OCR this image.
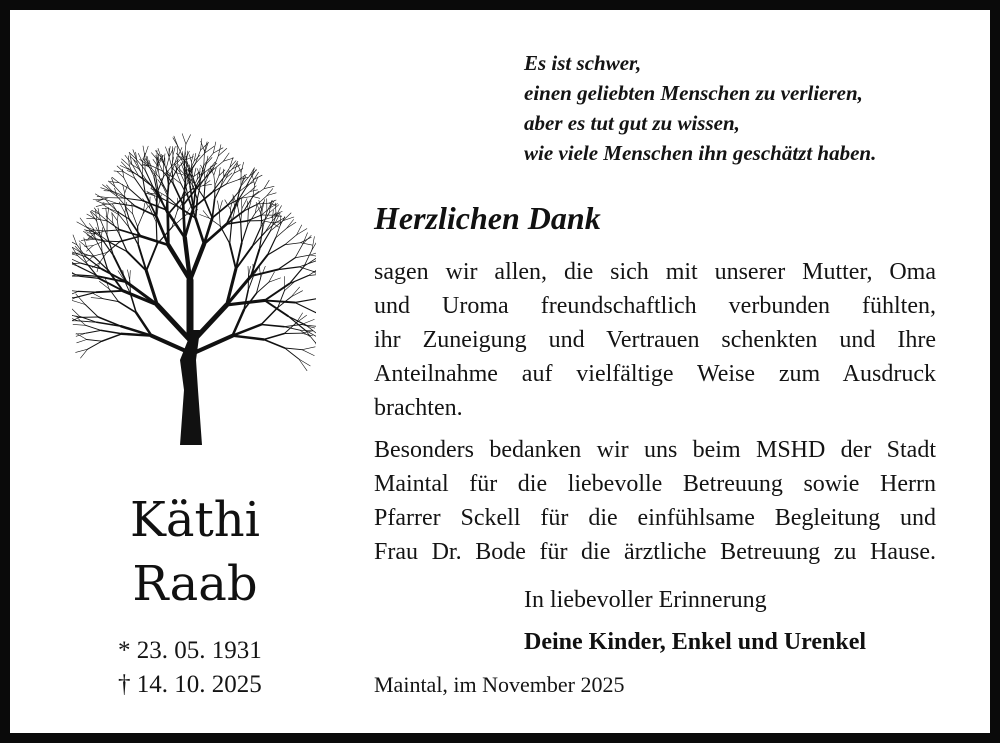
Käthi
Raab
* 23. 05. 1931
† 14. 10. 2025
Es ist schwer,
einen geliebten Menschen zu verlieren,
aber es tut gut zu wissen,
wie viele Menschen ihn geschätzt haben.
Herzlichen Dank
sagen wir allen, die sich mit unserer Mutter, Oma
und Uroma freundschaftlich verbunden fühlten,
ihr Zuneigung und Vertrauen schenkten und Ihre
Anteilnahme auf vielfältige Weise zum Ausdruck
brachten.
Besonders bedanken wir uns beim MSHD der Stadt
Maintal für die liebevolle Betreuung sowie Herrn
Pfarrer Sckell für die einfühlsame Begleitung und
Frau Dr. Bode für die ärztliche Betreuung zu Hause.
In liebevoller Erinnerung
Deine Kinder, Enkel und Urenkel
Maintal, im November 2025
